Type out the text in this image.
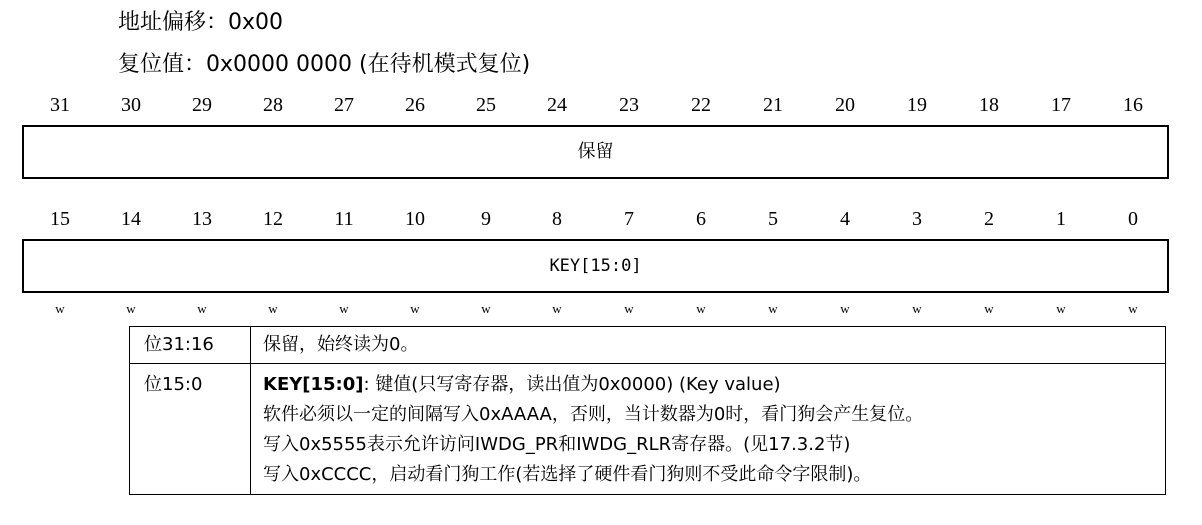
地址偏移：0x00
复位值：0x0000 0000 (在待机模式复位)
31	30	29	28	27	26	25	24	23	22	21	20	19	18	17	16
保留
15	14	13	12	11	10	9	8	7	6	5	4	3	2	1	0
KEY[15:0]
w	w	w	w	w	w	w	w	w	w	w	w	w	w	w	w
位31:16	保留，始终读为0。
位15:0	KEY[15:0]: 键值(只写寄存器，读出值为0x0000) (Key value)
软件必须以一定的间隔写入0xAAAA，否则，当计数器为0时，看门狗会产生复位。
写入0x5555表示允许访问IWDG_PR和IWDG_RLR寄存器。(见17.3.2节)
写入0xCCCC，启动看门狗工作(若选择了硬件看门狗则不受此命令字限制)。
